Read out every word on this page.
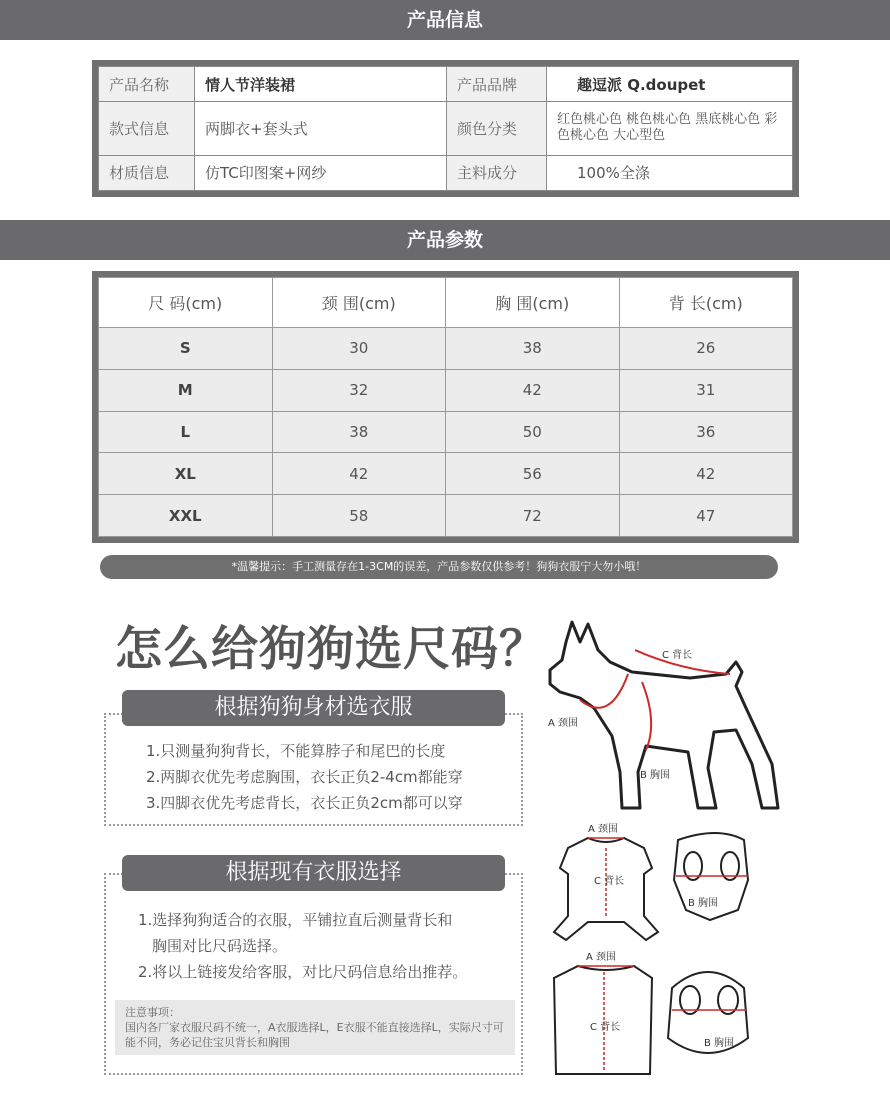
产品信息
产品名称	情人节洋装裙	产品品牌	趣逗派 Q.doupet
款式信息	两脚衣+套头式	颜色分类	红色桃心色 桃色桃心色 黑底桃心色 彩色桃心色 大心型色
材质信息	仿TC印图案+网纱	主料成分	100%全涤
产品参数
尺 码(cm)	颈 围(cm)	胸 围(cm)	背 长(cm)
S	30	38	26
M	32	42	31
L	38	50	36
XL	42	56	42
XXL	58	72	47
*温馨提示：手工测量存在1-3CM的误差，产品参数仅供参考！狗狗衣服宁大勿小哦！
怎么给狗狗选尺码？
根据狗狗身材选衣服
1.只测量狗狗背长，不能算脖子和尾巴的长度
2.两脚衣优先考虑胸围，衣长正负2-4cm都能穿
3.四脚衣优先考虑背长，衣长正负2cm都可以穿
根据现有衣服选择
1.选择狗狗适合的衣服，平铺拉直后测量背长和
胸围对比尺码选择。
2.将以上链接发给客服，对比尺码信息给出推荐。
注意事项：
国内各厂家衣服尺码不统一，A衣服选择L，E衣服不能直接选择L，实际尺寸可能不同，务必记住宝贝背长和胸围
C 背长
A 颈围
B 胸围
A 颈围
C 背长
B 胸围
A 颈围
C 背长
B 胸围
